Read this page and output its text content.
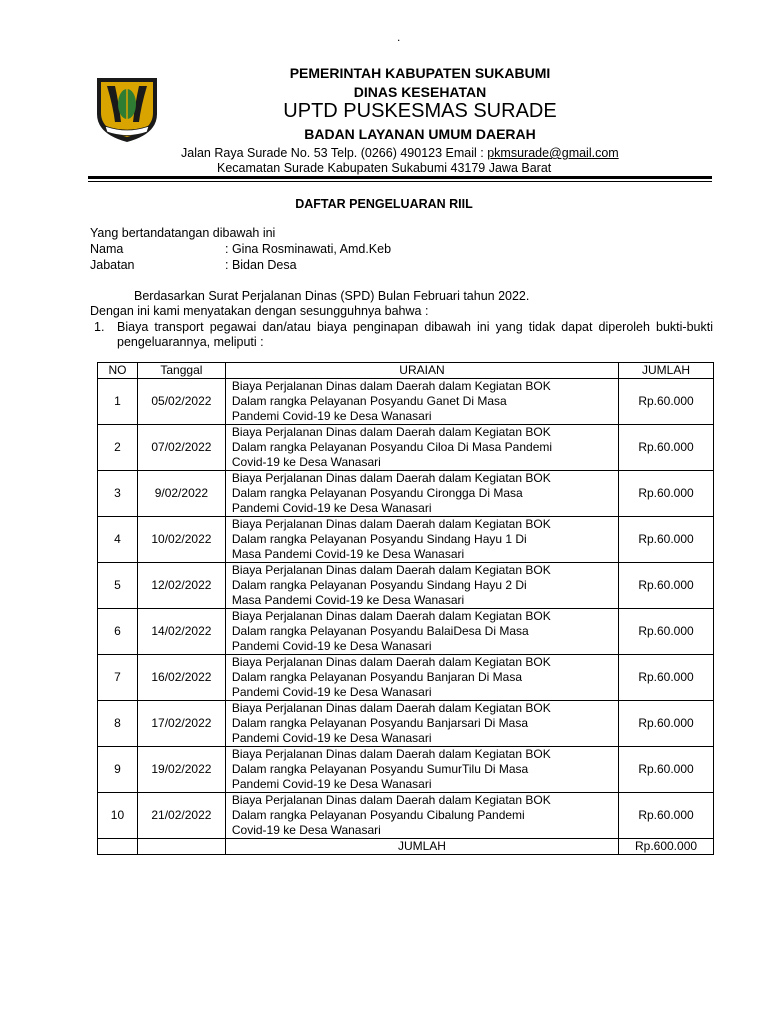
.
PEMERINTAH KABUPATEN SUKABUMI
DINAS KESEHATAN
UPTD PUSKESMAS SURADE
BADAN LAYANAN UMUM DAERAH
Jalan Raya Surade No. 53 Telp. (0266) 490123 Email : pkmsurade@gmail.com
Kecamatan Surade Kabupaten Sukabumi 43179 Jawa Barat
DAFTAR PENGELUARAN RIIL
Yang bertandatangan dibawah ini
Nama	: Gina Rosminawati, Amd.Keb
Jabatan	: Bidan Desa
Berdasarkan Surat Perjalanan Dinas (SPD) Bulan Februari tahun 2022.
Dengan ini kami menyatakan dengan sesungguhnya bahwa :
1. Biaya transport pegawai dan/atau biaya penginapan dibawah ini yang tidak dapat diperoleh bukti-bukti pengeluarannya, meliputi :
NO	Tanggal	URAIAN	JUMLAH
1	05/02/2022	Biaya Perjalanan Dinas dalam Daerah dalam Kegiatan BOK
Dalam rangka Pelayanan Posyandu Ganet Di Masa
Pandemi Covid-19 ke Desa Wanasari	Rp.60.000
2	07/02/2022	Biaya Perjalanan Dinas dalam Daerah dalam Kegiatan BOK
Dalam rangka Pelayanan Posyandu Ciloa Di Masa Pandemi
Covid-19 ke Desa Wanasari	Rp.60.000
3	9/02/2022	Biaya Perjalanan Dinas dalam Daerah dalam Kegiatan BOK
Dalam rangka Pelayanan Posyandu Cirongga Di Masa
Pandemi Covid-19 ke Desa Wanasari	Rp.60.000
4	10/02/2022	Biaya Perjalanan Dinas dalam Daerah dalam Kegiatan BOK
Dalam rangka Pelayanan Posyandu Sindang Hayu 1 Di
Masa Pandemi Covid-19 ke Desa Wanasari	Rp.60.000
5	12/02/2022	Biaya Perjalanan Dinas dalam Daerah dalam Kegiatan BOK
Dalam rangka Pelayanan Posyandu Sindang Hayu 2 Di
Masa Pandemi Covid-19 ke Desa Wanasari	Rp.60.000
6	14/02/2022	Biaya Perjalanan Dinas dalam Daerah dalam Kegiatan BOK
Dalam rangka Pelayanan Posyandu BalaiDesa Di Masa
Pandemi Covid-19 ke Desa Wanasari	Rp.60.000
7	16/02/2022	Biaya Perjalanan Dinas dalam Daerah dalam Kegiatan BOK
Dalam rangka Pelayanan Posyandu Banjaran Di Masa
Pandemi Covid-19 ke Desa Wanasari	Rp.60.000
8	17/02/2022	Biaya Perjalanan Dinas dalam Daerah dalam Kegiatan BOK
Dalam rangka Pelayanan Posyandu Banjarsari Di Masa
Pandemi Covid-19 ke Desa Wanasari	Rp.60.000
9	19/02/2022	Biaya Perjalanan Dinas dalam Daerah dalam Kegiatan BOK
Dalam rangka Pelayanan Posyandu SumurTilu Di Masa
Pandemi Covid-19 ke Desa Wanasari	Rp.60.000
10	21/02/2022	Biaya Perjalanan Dinas dalam Daerah dalam Kegiatan BOK
Dalam rangka Pelayanan Posyandu Cibalung Pandemi
Covid-19 ke Desa Wanasari	Rp.60.000
		JUMLAH	Rp.600.000
